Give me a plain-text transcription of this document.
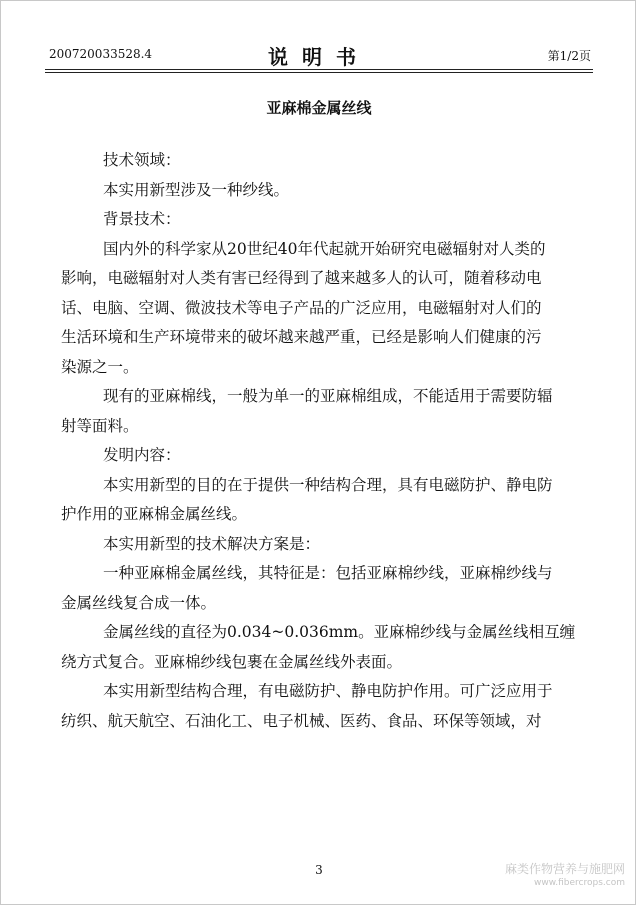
200720033528.4	说明书	第1/2页
亚麻棉金属丝线
技术领域：
本实用新型涉及一种纱线。
背景技术：
国内外的科学家从20世纪40年代起就开始研究电磁辐射对人类的
影响，电磁辐射对人类有害已经得到了越来越多人的认可，随着移动电
话、电脑、空调、微波技术等电子产品的广泛应用，电磁辐射对人们的
生活环境和生产环境带来的破坏越来越严重，已经是影响人们健康的污
染源之一。
现有的亚麻棉线，一般为单一的亚麻棉组成，不能适用于需要防辐
射等面料。
发明内容：
本实用新型的目的在于提供一种结构合理，具有电磁防护、静电防
护作用的亚麻棉金属丝线。
本实用新型的技术解决方案是：
一种亚麻棉金属丝线，其特征是：包括亚麻棉纱线，亚麻棉纱线与
金属丝线复合成一体。
金属丝线的直径为0.034~0.036mm。亚麻棉纱线与金属丝线相互缠
绕方式复合。亚麻棉纱线包裹在金属丝线外表面。
本实用新型结构合理，有电磁防护、静电防护作用。可广泛应用于
纺织、航天航空、石油化工、电子机械、医药、食品、环保等领域，对
3	麻类作物营养与施肥网
www.fibercrops.com
